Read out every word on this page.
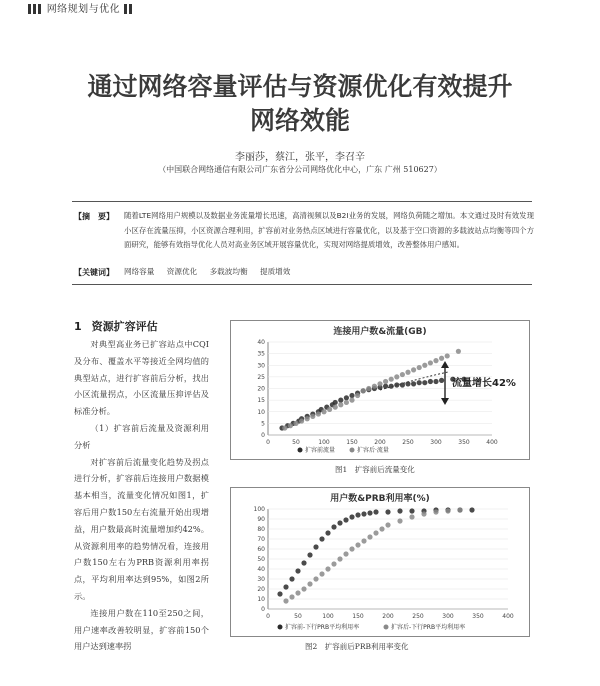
网络规划与优化
通过网络容量评估与资源优化有效提升
网络效能
李丽莎，蔡江，张平，李召辛
（中国联合网络通信有限公司广东省分公司网络优化中心，广东 广州 510627）
【摘　要】 随着LTE网络用户规模以及数据业务流量增长迅速，高清视频以及B2I业务的发展，网络负荷随之增加。本文通过及时有效发现小区存在流量压抑，小区资源合理利用，扩容前对业务热点区域进行容量优化，以及基于空口资源的多载波站点均衡等四个方面研究，能够有效指导优化人员对高业务区域开展容量优化，实现对网络提质增效，改善整体用户感知。
【关键词】 网络容量 资源优化 多载波均衡 提质增效
1 资源扩容评估
对典型高业务已扩容站点中CQI及分布、覆盖水平等接近全网均值的典型站点，进行扩容前后分析，找出小区流量拐点，小区流量压抑评估及标准分析。
（1）扩容前后流量及资源利用分析
对扩容前后流量变化趋势及拐点进行分析，扩容前后连接用户数据模基本相当，流量变化情况如图1，扩容后用户数150左右流量开始出现增益，用户数最高时流量增加约42%。从资源利用率的趋势情况看，连接用户数150左右为PRB资源利用率拐点，平均利用率达到95%，如图2所示。
连接用户数在110至250之间，用户速率改善较明显，扩容前150个用户达到速率拐
连接用户数&流量(GB)
0	50	100	150	200	250	300	350	400
0
5
10
15
20
25
30
35
40
流量增长42%
扩容前流量	扩容后·流量
图1　扩容前后流量变化
用户数&PRB利用率(%)
0	50	100	150	200	250	300	350	400
0
10
20
30
40
50
60
70
80
90
100
扩容前-下行PRB平均利用率	扩容后-下行PRB平均利用率
图2　扩容前后PRB利用率变化
